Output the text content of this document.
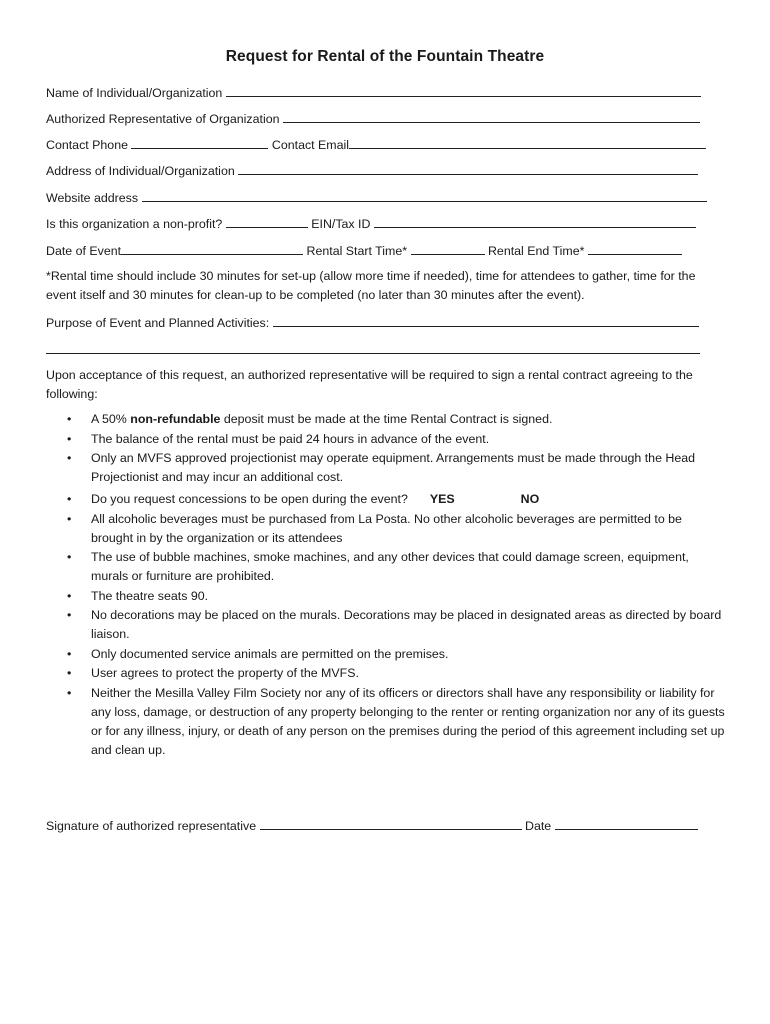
Request for Rental of the Fountain Theatre
Name of Individual/Organization
Authorized Representative of Organization
Contact Phone	Contact Email
Address of Individual/Organization
Website address
Is this organization a non-profit?	EIN/Tax ID
Date of Event	Rental Start Time*	Rental End Time*
*Rental time should include 30 minutes for set-up (allow more time if needed), time for attendees to gather, time for the event itself and 30 minutes for clean-up to be completed (no later than 30 minutes after the event).
Purpose of Event and Planned Activities:
Upon acceptance of this request, an authorized representative will be required to sign a rental contract agreeing to the following:
• A 50% non-refundable deposit must be made at the time Rental Contract is signed.
• The balance of the rental must be paid 24 hours in advance of the event.
• Only an MVFS approved projectionist may operate equipment. Arrangements must be made through the Head Projectionist and may incur an additional cost.
• Do you request concessions to be open during the event? YES	NO
• All alcoholic beverages must be purchased from La Posta. No other alcoholic beverages are permitted to be brought in by the organization or its attendees
• The use of bubble machines, smoke machines, and any other devices that could damage screen, equipment, murals or furniture are prohibited.
• The theatre seats 90.
• No decorations may be placed on the murals. Decorations may be placed in designated areas as directed by board liaison.
• Only documented service animals are permitted on the premises.
• User agrees to protect the property of the MVFS.
• Neither the Mesilla Valley Film Society nor any of its officers or directors shall have any responsibility or liability for any loss, damage, or destruction of any property belonging to the renter or renting organization nor any of its guests or for any illness, injury, or death of any person on the premises during the period of this agreement including set up and clean up.
Signature of authorized representative	Date
